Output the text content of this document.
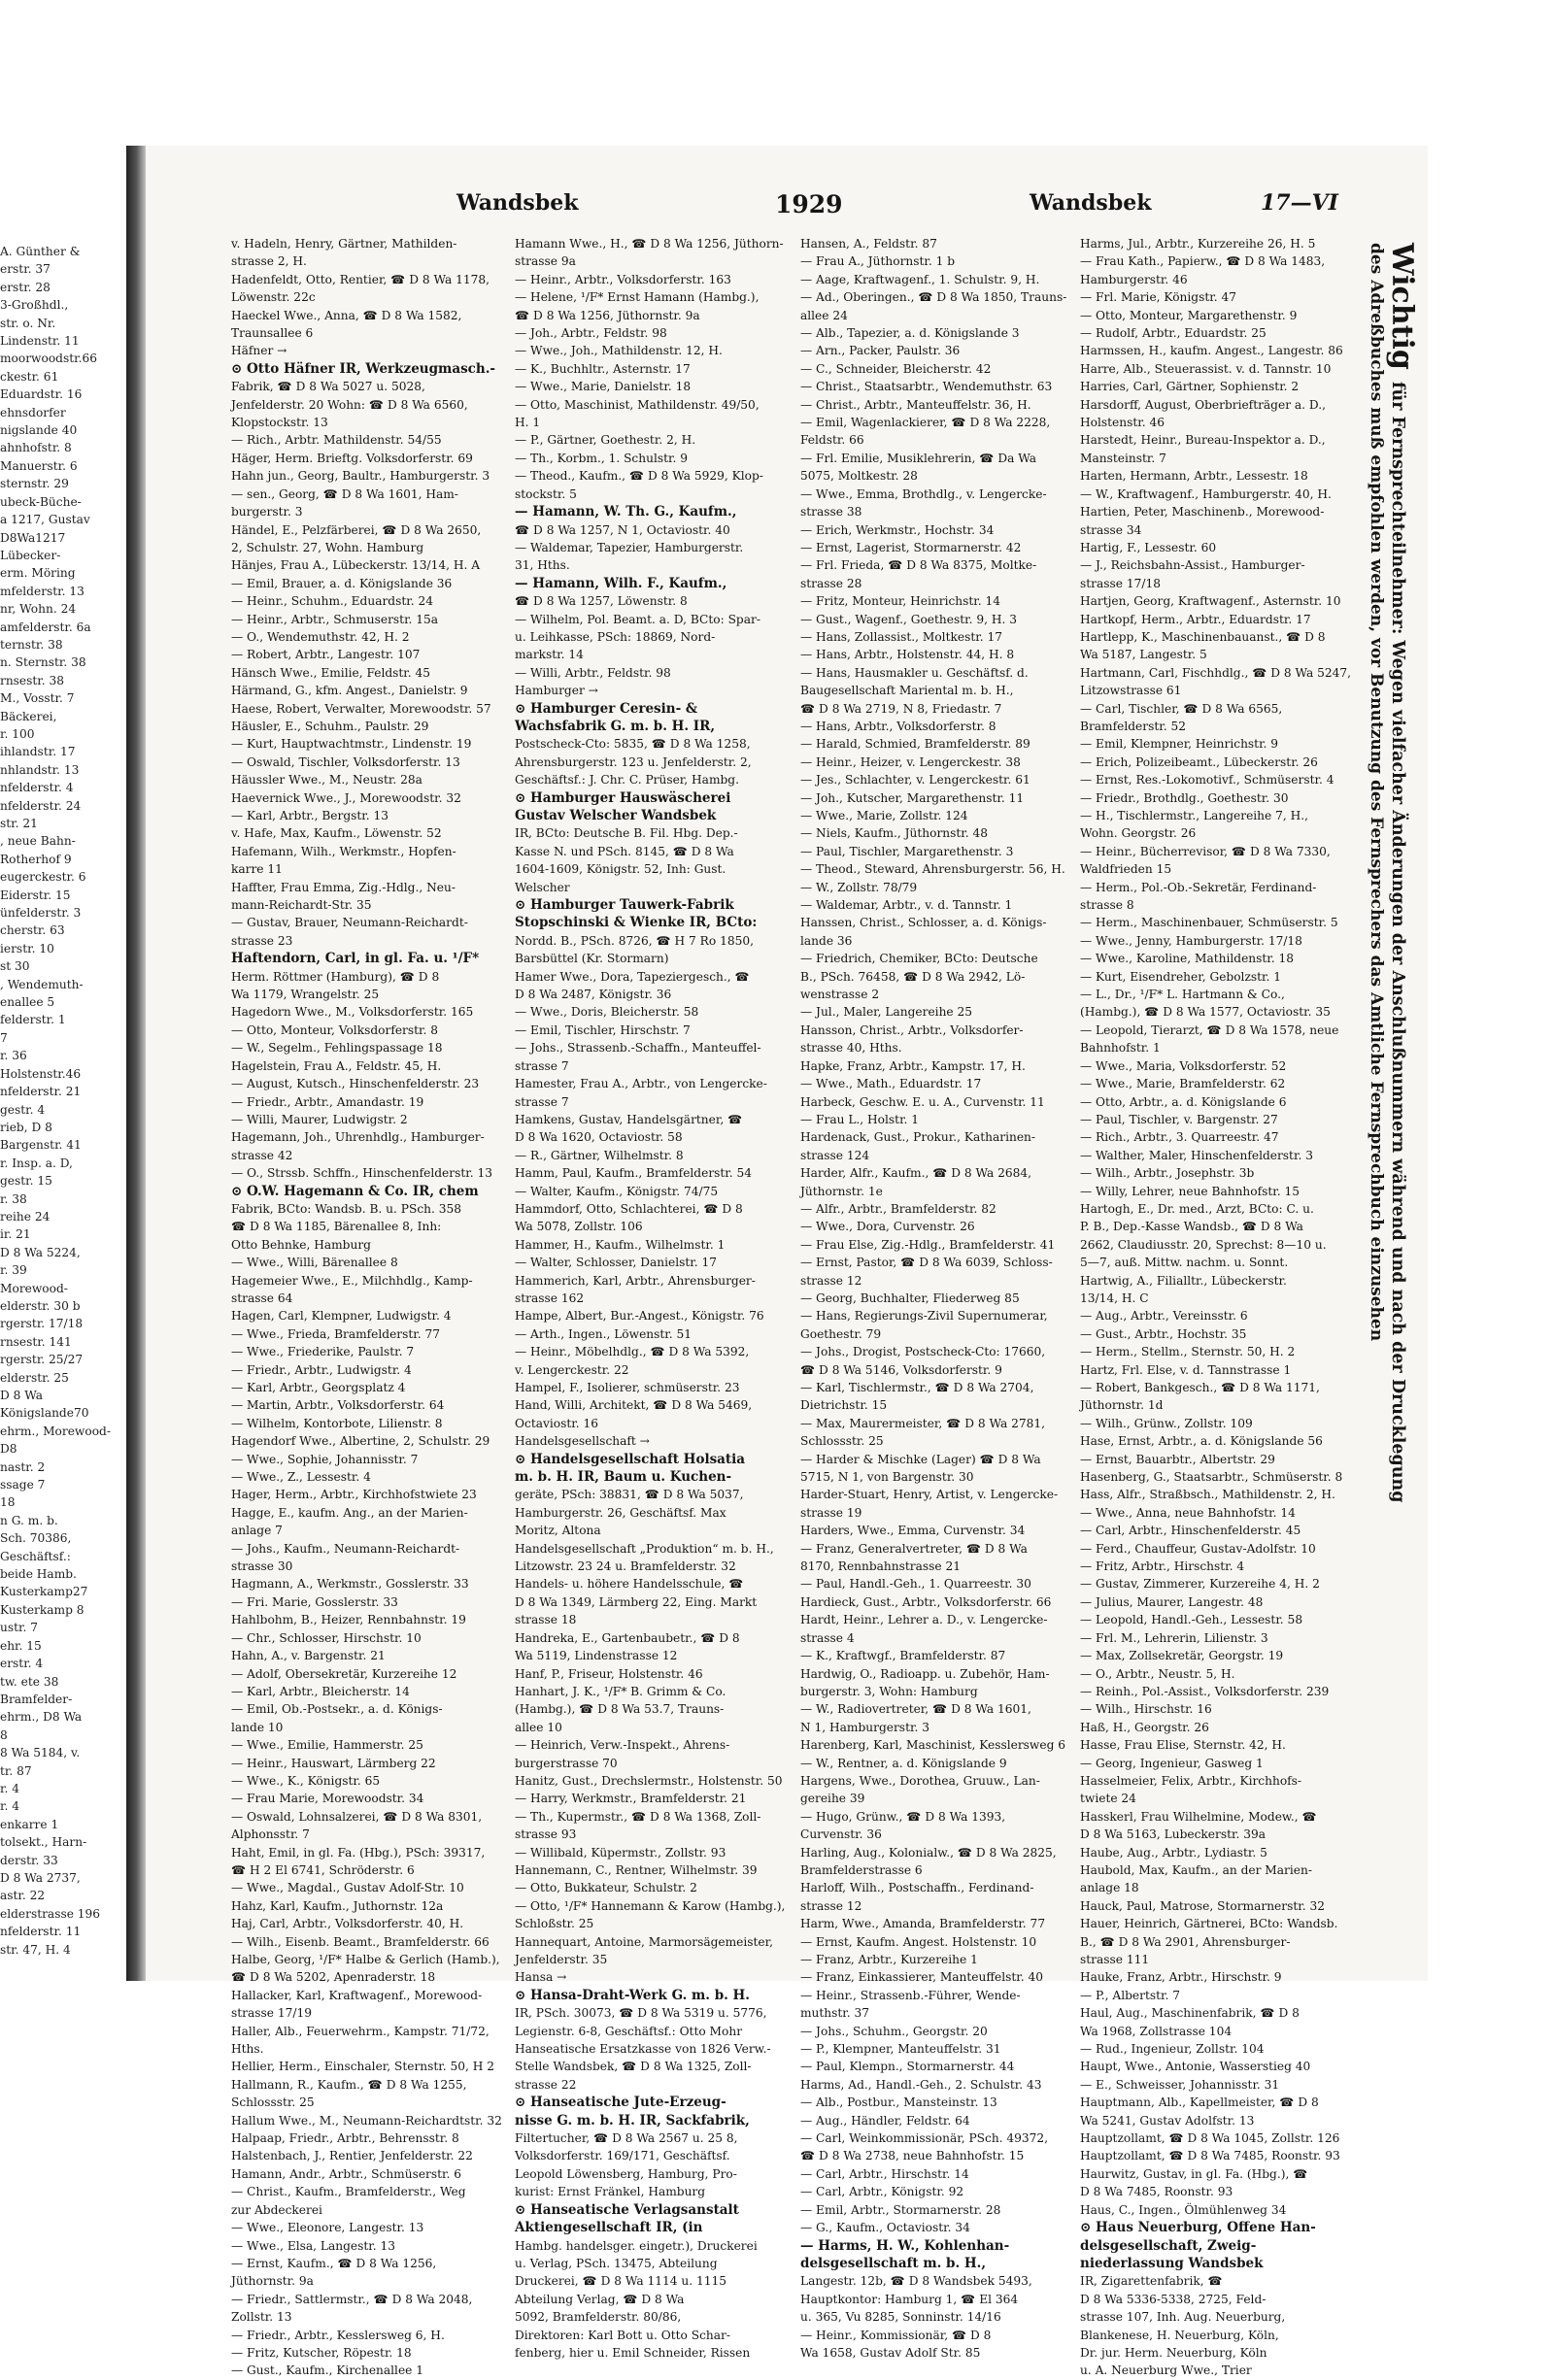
A. Günther &
erstr. 37
erstr. 28
3-Großhdl.,
str. o. Nr.
Lindenstr. 11
moorwoodstr.66
ckestr. 61
Eduardstr. 16
ehnsdorfer
nigslande 40
ahnhofstr. 8
Manuerstr. 6
sternstr. 29
ubeck-Büche-
a 1217, Gustav
D8Wa1217
Lübecker-
erm. Möring
mfelderstr. 13
nr, Wohn. 24
amfelderstr. 6a
ternstr. 38
n. Sternstr. 38
rnsestr. 38
M., Vosstr. 7
Bäckerei,
r. 100
ihlandstr. 17
nhlandstr. 13
nfelderstr. 4
nfelderstr. 24
str. 21
, neue Bahn-
Rotherhof 9
eugerckestr. 6
Eiderstr. 15
ünfelderstr. 3
cherstr. 63
ierstr. 10
st 30
, Wendemuth-
enallee 5
felderstr. 1
7
r. 36
Holstenstr.46
nfelderstr. 21
gestr. 4
rieb, D 8
Bargenstr. 41
r. Insp. a. D,
gestr. 15
r. 38
reihe 24
ir. 21
D 8 Wa 5224,
r. 39
Morewood-
elderstr. 30 b
rgerstr. 17/18
rnsestr. 141
rgerstr. 25/27
elderstr. 25
D 8 Wa
Königslande70
ehrm., Morewood-
D8
nastr. 2
ssage 7
18
n G. m. b.
Sch. 70386,
Geschäftsf.:
beide Hamb.
Kusterkamp27
Kusterkamp 8
ustr. 7
ehr. 15
erstr. 4
tw. ete 38
Bramfelder-
ehrm., D8 Wa
8
8 Wa 5184, v.
tr. 87
r. 4
r. 4
enkarre 1
tolsekt., Harn-
derstr. 33
D 8 Wa 2737,
astr. 22
elderstrasse 196
nfelderstr. 11
str. 47, H. 4
Wandsbek	1929	Wandsbek	17—VI
v. Hadeln, Henry, Gärtner, Mathilden-
strasse 2, H.
Hadenfeldt, Otto, Rentier, ☎ D 8 Wa 1178,
Löwenstr. 22c
Haeckel Wwe., Anna, ☎ D 8 Wa 1582,
Traunsallee 6
Häfner →
⊙ Otto Häfner IR, Werkzeugmasch.-
Fabrik, ☎ D 8 Wa 5027 u. 5028,
Jenfelderstr. 20 Wohn: ☎ D 8 Wa 6560,
Klopstockstr. 13
— Rich., Arbtr. Mathildenstr. 54/55
Häger, Herm. Brieftg. Volksdorferstr. 69
Hahn jun., Georg, Baultr., Hamburgerstr. 3
— sen., Georg, ☎ D 8 Wa 1601, Ham-
burgerstr. 3
Händel, E., Pelzfärberei, ☎ D 8 Wa 2650,
2, Schulstr. 27, Wohn. Hamburg
Hänjes, Frau A., Lübeckerstr. 13/14, H. A
— Emil, Brauer, a. d. Königslande 36
— Heinr., Schuhm., Eduardstr. 24
— Heinr., Arbtr., Schmuserstr. 15a
— O., Wendemuthstr. 42, H. 2
— Robert, Arbtr., Langestr. 107
Hänsch Wwe., Emilie, Feldstr. 45
Härmand, G., kfm. Angest., Danielstr. 9
Haese, Robert, Verwalter, Morewoodstr. 57
Häusler, E., Schuhm., Paulstr. 29
— Kurt, Hauptwachtmstr., Lindenstr. 19
— Oswald, Tischler, Volksdorferstr. 13
Häussler Wwe., M., Neustr. 28a
Haevernick Wwe., J., Morewoodstr. 32
— Karl, Arbtr., Bergstr. 13
v. Hafe, Max, Kaufm., Löwenstr. 52
Hafemann, Wilh., Werkmstr., Hopfen-
karre 11
Haffter, Frau Emma, Zig.-Hdlg., Neu-
mann-Reichardt-Str. 35
— Gustav, Brauer, Neumann-Reichardt-
strasse 23
Haftendorn, Carl, in gl. Fa. u. ¹/F*
Herm. Röttmer (Hamburg), ☎ D 8
Wa 1179, Wrangelstr. 25
Hagedorn Wwe., M., Volksdorferstr. 165
— Otto, Monteur, Volksdorferstr. 8
— W., Segelm., Fehlingspassage 18
Hagelstein, Frau A., Feldstr. 45, H.
— August, Kutsch., Hinschenfelderstr. 23
— Friedr., Arbtr., Amandastr. 19
— Willi, Maurer, Ludwigstr. 2
Hagemann, Joh., Uhrenhdlg., Hamburger-
strasse 42
— O., Strssb. Schffn., Hinschenfelderstr. 13
⊙ O.W. Hagemann & Co. IR, chem
Fabrik, BCto: Wandsb. B. u. PSch. 358
☎ D 8 Wa 1185, Bärenallee 8, Inh:
Otto Behnke, Hamburg
— Wwe., Willi, Bärenallee 8
Hagemeier Wwe., E., Milchhdlg., Kamp-
strasse 64
Hagen, Carl, Klempner, Ludwigstr. 4
— Wwe., Frieda, Bramfelderstr. 77
— Wwe., Friederike, Paulstr. 7
— Friedr., Arbtr., Ludwigstr. 4
— Karl, Arbtr., Georgsplatz 4
— Martin, Arbtr., Volksdorferstr. 64
— Wilhelm, Kontorbote, Lilienstr. 8
Hagendorf Wwe., Albertine, 2, Schulstr. 29
— Wwe., Sophie, Johannisstr. 7
— Wwe., Z., Lessestr. 4
Hager, Herm., Arbtr., Kirchhofstwiete 23
Hagge, E., kaufm. Ang., an der Marien-
anlage 7
— Johs., Kaufm., Neumann-Reichardt-
strasse 30
Hagmann, A., Werkmstr., Gosslerstr. 33
— Fri. Marie, Gosslerstr. 33
Hahlbohm, B., Heizer, Rennbahnstr. 19
— Chr., Schlosser, Hirschstr. 10
Hahn, A., v. Bargenstr. 21
— Adolf, Obersekretär, Kurzereihe 12
— Karl, Arbtr., Bleicherstr. 14
— Emil, Ob.-Postsekr., a. d. Königs-
lande 10
— Wwe., Emilie, Hammerstr. 25
— Heinr., Hauswart, Lärmberg 22
— Wwe., K., Königstr. 65
— Frau Marie, Morewoodstr. 34
— Oswald, Lohnsalzerei, ☎ D 8 Wa 8301,
Alphonsstr. 7
Haht, Emil, in gl. Fa. (Hbg.), PSch: 39317,
☎ H 2 El 6741, Schröderstr. 6
— Wwe., Magdal., Gustav Adolf-Str. 10
Hahz, Karl, Kaufm., Juthornstr. 12a
Haj, Carl, Arbtr., Volksdorferstr. 40, H.
— Wilh., Eisenb. Beamt., Bramfelderstr. 66
Halbe, Georg, ¹/F* Halbe & Gerlich (Hamb.),
☎ D 8 Wa 5202, Apenraderstr. 18
Hallacker, Karl, Kraftwagenf., Morewood-
strasse 17/19
Haller, Alb., Feuerwehrm., Kampstr. 71/72,
Hths.
Hellier, Herm., Einschaler, Sternstr. 50, H 2
Hallmann, R., Kaufm., ☎ D 8 Wa 1255,
Schlossstr. 25
Hallum Wwe., M., Neumann-Reichardtstr. 32
Halpaap, Friedr., Arbtr., Behrensstr. 8
Halstenbach, J., Rentier, Jenfelderstr. 22
Hamann, Andr., Arbtr., Schmüserstr. 6
— Christ., Kaufm., Bramfelderstr., Weg
zur Abdeckerei
— Wwe., Eleonore, Langestr. 13
— Wwe., Elsa, Langestr. 13
— Ernst, Kaufm., ☎ D 8 Wa 1256,
Jüthornstr. 9a
— Friedr., Sattlermstr., ☎ D 8 Wa 2048,
Zollstr. 13
— Friedr., Arbtr., Kesslersweg 6, H.
— Fritz, Kutscher, Röpestr. 18
— Gust., Kaufm., Kirchenallee 1
Hamann Wwe., H., ☎ D 8 Wa 1256, Jüthorn-
strasse 9a
— Heinr., Arbtr., Volksdorferstr. 163
— Helene, ¹/F* Ernst Hamann (Hambg.),
☎ D 8 Wa 1256, Jüthornstr. 9a
— Joh., Arbtr., Feldstr. 98
— Wwe., Joh., Mathildenstr. 12, H.
— K., Buchhltr., Asternstr. 17
— Wwe., Marie, Danielstr. 18
— Otto, Maschinist, Mathildenstr. 49/50,
H. 1
— P., Gärtner, Goethestr. 2, H.
— Th., Korbm., 1. Schulstr. 9
— Theod., Kaufm., ☎ D 8 Wa 5929, Klop-
stockstr. 5
— Hamann, W. Th. G., Kaufm.,
☎ D 8 Wa 1257, N 1, Octaviostr. 40
— Waldemar, Tapezier, Hamburgerstr.
31, Hths.
— Hamann, Wilh. F., Kaufm.,
☎ D 8 Wa 1257, Löwenstr. 8
— Wilhelm, Pol. Beamt. a. D, BCto: Spar-
u. Leihkasse, PSch: 18869, Nord-
markstr. 14
— Willi, Arbtr., Feldstr. 98
Hamburger →
⊙ Hamburger Ceresin- &
Wachsfabrik G. m. b. H. IR,
Postscheck-Cto: 5835, ☎ D 8 Wa 1258,
Ahrensburgerstr. 123 u. Jenfelderstr. 2,
Geschäftsf.: J. Chr. C. Prüser, Hambg.
⊙ Hamburger Hauswäscherei
Gustav Welscher Wandsbek
IR, BCto: Deutsche B. Fil. Hbg. Dep.-
Kasse N. und PSch. 8145, ☎ D 8 Wa
1604-1609, Königstr. 52, Inh: Gust.
Welscher
⊙ Hamburger Tauwerk-Fabrik
Stopschinski & Wienke IR, BCto:
Nordd. B., PSch. 8726, ☎ H 7 Ro 1850,
Barsbüttel (Kr. Stormarn)
Hamer Wwe., Dora, Tapeziergesch., ☎
D 8 Wa 2487, Königstr. 36
— Wwe., Doris, Bleicherstr. 58
— Emil, Tischler, Hirschstr. 7
— Johs., Strassenb.-Schaffn., Manteuffel-
strasse 7
Hamester, Frau A., Arbtr., von Lengercke-
strasse 7
Hamkens, Gustav, Handelsgärtner, ☎
D 8 Wa 1620, Octaviostr. 58
— R., Gärtner, Wilhelmstr. 8
Hamm, Paul, Kaufm., Bramfelderstr. 54
— Walter, Kaufm., Königstr. 74/75
Hammdorf, Otto, Schlachterei, ☎ D 8
Wa 5078, Zollstr. 106
Hammer, H., Kaufm., Wilhelmstr. 1
— Walter, Schlosser, Danielstr. 17
Hammerich, Karl, Arbtr., Ahrensburger-
strasse 162
Hampe, Albert, Bur.-Angest., Königstr. 76
— Arth., Ingen., Löwenstr. 51
— Heinr., Möbelhdlg., ☎ D 8 Wa 5392,
v. Lengerckestr. 22
Hampel, F., Isolierer, schmüserstr. 23
Hand, Willi, Architekt, ☎ D 8 Wa 5469,
Octaviostr. 16
Handelsgesellschaft →
⊙ Handelsgesellschaft Holsatia
m. b. H. IR, Baum u. Kuchen-
geräte, PSch: 38831, ☎ D 8 Wa 5037,
Hamburgerstr. 26, Geschäftsf. Max
Moritz, Altona
Handelsgesellschaft „Produktion“ m. b. H.,
Litzowstr. 23 24 u. Bramfelderstr. 32
Handels- u. höhere Handelsschule, ☎
D 8 Wa 1349, Lärmberg 22, Eing. Markt
strasse 18
Handreka, E., Gartenbaubetr., ☎ D 8
Wa 5119, Lindenstrasse 12
Hanf, P., Friseur, Holstenstr. 46
Hanhart, J. K., ¹/F* B. Grimm & Co.
(Hambg.), ☎ D 8 Wa 53.7, Trauns-
allee 10
— Heinrich, Verw.-Inspekt., Ahrens-
burgerstrasse 70
Hanitz, Gust., Drechslermstr., Holstenstr. 50
— Harry, Werkmstr., Bramfelderstr. 21
— Th., Kupermstr., ☎ D 8 Wa 1368, Zoll-
strasse 93
— Willibald, Küpermstr., Zollstr. 93
Hannemann, C., Rentner, Wilhelmstr. 39
— Otto, Bukkateur, Schulstr. 2
— Otto, ¹/F* Hannemann & Karow (Hambg.),
Schloßstr. 25
Hannequart, Antoine, Marmorsägemeister,
Jenfelderstr. 35
Hansa →
⊙ Hansa-Draht-Werk G. m. b. H.
IR, PSch. 30073, ☎ D 8 Wa 5319 u. 5776,
Legienstr. 6-8, Geschäftsf.: Otto Mohr
Hanseatische Ersatzkasse von 1826 Verw.-
Stelle Wandsbek, ☎ D 8 Wa 1325, Zoll-
strasse 22
⊙ Hanseatische Jute-Erzeug-
nisse G. m. b. H. IR, Sackfabrik,
Filtertucher, ☎ D 8 Wa 2567 u. 25 8,
Volksdorferstr. 169/171, Geschäftsf.
Leopold Löwensberg, Hamburg, Pro-
kurist: Ernst Fränkel, Hamburg
⊙ Hanseatische Verlagsanstalt
Aktiengesellschaft IR, (in
Hambg. handelsger. eingetr.), Druckerei
u. Verlag, PSch. 13475, Abteilung
Druckerei, ☎ D 8 Wa 1114 u. 1115
Abteilung Verlag, ☎ D 8 Wa
5092, Bramfelderstr. 80/86,
Direktoren: Karl Bott u. Otto Schar-
fenberg, hier u. Emil Schneider, Rissen
Hansen, A., Feldstr. 87
— Frau A., Jüthornstr. 1 b
— Aage, Kraftwagenf., 1. Schulstr. 9, H.
— Ad., Oberingen., ☎ D 8 Wa 1850, Trauns-
allee 24
— Alb., Tapezier, a. d. Königslande 3
— Arn., Packer, Paulstr. 36
— C., Schneider, Bleicherstr. 42
— Christ., Staatsarbtr., Wendemuthstr. 63
— Christ., Arbtr., Manteuffelstr. 36, H.
— Emil, Wagenlackierer, ☎ D 8 Wa 2228,
Feldstr. 66
— Frl. Emilie, Musiklehrerin, ☎ Da Wa
5075, Moltkestr. 28
— Wwe., Emma, Brothdlg., v. Lengercke-
strasse 38
— Erich, Werkmstr., Hochstr. 34
— Ernst, Lagerist, Stormarnerstr. 42
— Frl. Frieda, ☎ D 8 Wa 8375, Moltke-
strasse 28
— Fritz, Monteur, Heinrichstr. 14
— Gust., Wagenf., Goethestr. 9, H. 3
— Hans, Zollassist., Moltkestr. 17
— Hans, Arbtr., Holstenstr. 44, H. 8
— Hans, Hausmakler u. Geschäftsf. d.
Baugesellschaft Mariental m. b. H.,
☎ D 8 Wa 2719, N 8, Friedastr. 7
— Hans, Arbtr., Volksdorferstr. 8
— Harald, Schmied, Bramfelderstr. 89
— Heinr., Heizer, v. Lengerckestr. 38
— Jes., Schlachter, v. Lengerckestr. 61
— Joh., Kutscher, Margarethenstr. 11
— Wwe., Marie, Zollstr. 124
— Niels, Kaufm., Jüthornstr. 48
— Paul, Tischler, Margarethenstr. 3
— Theod., Steward, Ahrensburgerstr. 56, H.
— W., Zollstr. 78/79
— Waldemar, Arbtr., v. d. Tannstr. 1
Hanssen, Christ., Schlosser, a. d. Königs-
lande 36
— Friedrich, Chemiker, BCto: Deutsche
B., PSch. 76458, ☎ D 8 Wa 2942, Lö-
wenstrasse 2
— Jul., Maler, Langereihe 25
Hansson, Christ., Arbtr., Volksdorfer-
strasse 40, Hths.
Hapke, Franz, Arbtr., Kampstr. 17, H.
— Wwe., Math., Eduardstr. 17
Harbeck, Geschw. E. u. A., Curvenstr. 11
— Frau L., Holstr. 1
Hardenack, Gust., Prokur., Katharinen-
strasse 124
Harder, Alfr., Kaufm., ☎ D 8 Wa 2684,
Jüthornstr. 1e
— Alfr., Arbtr., Bramfelderstr. 82
— Wwe., Dora, Curvenstr. 26
— Frau Else, Zig.-Hdlg., Bramfelderstr. 41
— Ernst, Pastor, ☎ D 8 Wa 6039, Schloss-
strasse 12
— Georg, Buchhalter, Fliederweg 85
— Hans, Regierungs-Zivil Supernumerar,
Goethestr. 79
— Johs., Drogist, Postscheck-Cto: 17660,
☎ D 8 Wa 5146, Volksdorferstr. 9
— Karl, Tischlermstr., ☎ D 8 Wa 2704,
Dietrichstr. 15
— Max, Maurermeister, ☎ D 8 Wa 2781,
Schlossstr. 25
— Harder & Mischke (Lager) ☎ D 8 Wa
5715, N 1, von Bargenstr. 30
Harder-Stuart, Henry, Artist, v. Lengercke-
strasse 19
Harders, Wwe., Emma, Curvenstr. 34
— Franz, Generalvertreter, ☎ D 8 Wa
8170, Rennbahnstrasse 21
— Paul, Handl.-Geh., 1. Quarreestr. 30
Hardieck, Gust., Arbtr., Volksdorferstr. 66
Hardt, Heinr., Lehrer a. D., v. Lengercke-
strasse 4
— K., Kraftwgf., Bramfelderstr. 87
Hardwig, O., Radioapp. u. Zubehör, Ham-
burgerstr. 3, Wohn: Hamburg
— W., Radiovertreter, ☎ D 8 Wa 1601,
N 1, Hamburgerstr. 3
Harenberg, Karl, Maschinist, Kesslersweg 6
— W., Rentner, a. d. Königslande 9
Hargens, Wwe., Dorothea, Gruuw., Lan-
gereihe 39
— Hugo, Grünw., ☎ D 8 Wa 1393,
Curvenstr. 36
Harling, Aug., Kolonialw., ☎ D 8 Wa 2825,
Bramfelderstrasse 6
Harloff, Wilh., Postschaffn., Ferdinand-
strasse 12
Harm, Wwe., Amanda, Bramfelderstr. 77
— Ernst, Kaufm. Angest. Holstenstr. 10
— Franz, Arbtr., Kurzereihe 1
— Franz, Einkassierer, Manteuffelstr. 40
— Heinr., Strassenb.-Führer, Wende-
muthstr. 37
— Johs., Schuhm., Georgstr. 20
— P., Klempner, Manteuffelstr. 31
— Paul, Klempn., Stormarnerstr. 44
Harms, Ad., Handl.-Geh., 2. Schulstr. 43
— Alb., Postbur., Mansteinstr. 13
— Aug., Händler, Feldstr. 64
— Carl, Weinkommissionär, PSch. 49372,
☎ D 8 Wa 2738, neue Bahnhofstr. 15
— Carl, Arbtr., Hirschstr. 14
— Carl, Arbtr., Königstr. 92
— Emil, Arbtr., Stormarnerstr. 28
— G., Kaufm., Octaviostr. 34
— Harms, H. W., Kohlenhan-
delsgesellschaft m. b. H.,
Langestr. 12b, ☎ D 8 Wandsbek 5493,
Hauptkontor: Hamburg 1, ☎ El 364
u. 365, Vu 8285, Sonninstr. 14/16
— Heinr., Kommissionär, ☎ D 8
Wa 1658, Gustav Adolf Str. 85
Harms, Jul., Arbtr., Kurzereihe 26, H. 5
— Frau Kath., Papierw., ☎ D 8 Wa 1483,
Hamburgerstr. 46
— Frl. Marie, Königstr. 47
— Otto, Monteur, Margarethenstr. 9
— Rudolf, Arbtr., Eduardstr. 25
Harmssen, H., kaufm. Angest., Langestr. 86
Harre, Alb., Steuerassist. v. d. Tannstr. 10
Harries, Carl, Gärtner, Sophienstr. 2
Harsdorff, August, Oberbriefträger a. D.,
Holstenstr. 46
Harstedt, Heinr., Bureau-Inspektor a. D.,
Mansteinstr. 7
Harten, Hermann, Arbtr., Lessestr. 18
— W., Kraftwagenf., Hamburgerstr. 40, H.
Hartien, Peter, Maschinenb., Morewood-
strasse 34
Hartig, F., Lessestr. 60
— J., Reichsbahn-Assist., Hamburger-
strasse 17/18
Hartjen, Georg, Kraftwagenf., Asternstr. 10
Hartkopf, Herm., Arbtr., Eduardstr. 17
Hartlepp, K., Maschinenbauanst., ☎ D 8
Wa 5187, Langestr. 5
Hartmann, Carl, Fischhdlg., ☎ D 8 Wa 5247,
Litzowstrasse 61
— Carl, Tischler, ☎ D 8 Wa 6565,
Bramfelderstr. 52
— Emil, Klempner, Heinrichstr. 9
— Erich, Polizeibeamt., Lübeckerstr. 26
— Ernst, Res.-Lokomotivf., Schmüserstr. 4
— Friedr., Brothdlg., Goethestr. 30
— H., Tischlermstr., Langereihe 7, H.,
Wohn. Georgstr. 26
— Heinr., Bücherrevisor, ☎ D 8 Wa 7330,
Waldfrieden 15
— Herm., Pol.-Ob.-Sekretär, Ferdinand-
strasse 8
— Herm., Maschinenbauer, Schmüserstr. 5
— Wwe., Jenny, Hamburgerstr. 17/18
— Wwe., Karoline, Mathildenstr. 18
— Kurt, Eisendreher, Gebolzstr. 1
— L., Dr., ¹/F* L. Hartmann & Co.,
(Hambg.), ☎ D 8 Wa 1577, Octaviostr. 35
— Leopold, Tierarzt, ☎ D 8 Wa 1578, neue
Bahnhofstr. 1
— Wwe., Maria, Volksdorferstr. 52
— Wwe., Marie, Bramfelderstr. 62
— Otto, Arbtr., a. d. Königslande 6
— Paul, Tischler, v. Bargenstr. 27
— Rich., Arbtr., 3. Quarreestr. 47
— Walther, Maler, Hinschenfelderstr. 3
— Wilh., Arbtr., Josephstr. 3b
— Willy, Lehrer, neue Bahnhofstr. 15
Hartogh, E., Dr. med., Arzt, BCto: C. u.
P. B., Dep.-Kasse Wandsb., ☎ D 8 Wa
2662, Claudiusstr. 20, Sprechst: 8—10 u.
5—7, auß. Mittw. nachm. u. Sonnt.
Hartwig, A., Filialltr., Lübeckerstr.
13/14, H. C
— Aug., Arbtr., Vereinsstr. 6
— Gust., Arbtr., Hochstr. 35
— Herm., Stellm., Sternstr. 50, H. 2
Hartz, Frl. Else, v. d. Tannstrasse 1
— Robert, Bankgesch., ☎ D 8 Wa 1171,
Jüthornstr. 1d
— Wilh., Grünw., Zollstr. 109
Hase, Ernst, Arbtr., a. d. Königslande 56
— Ernst, Bauarbtr., Albertstr. 29
Hasenberg, G., Staatsarbtr., Schmüserstr. 8
Hass, Alfr., Straßbsch., Mathildenstr. 2, H.
— Wwe., Anna, neue Bahnhofstr. 14
— Carl, Arbtr., Hinschenfelderstr. 45
— Ferd., Chauffeur, Gustav-Adolfstr. 10
— Fritz, Arbtr., Hirschstr. 4
— Gustav, Zimmerer, Kurzereihe 4, H. 2
— Julius, Maurer, Langestr. 48
— Leopold, Handl.-Geh., Lessestr. 58
— Frl. M., Lehrerin, Lilienstr. 3
— Max, Zollsekretär, Georgstr. 19
— O., Arbtr., Neustr. 5, H.
— Reinh., Pol.-Assist., Volksdorferstr. 239
— Wilh., Hirschstr. 16
Haß, H., Georgstr. 26
Hasse, Frau Elise, Sternstr. 42, H.
— Georg, Ingenieur, Gasweg 1
Hasselmeier, Felix, Arbtr., Kirchhofs-
twiete 24
Hasskerl, Frau Wilhelmine, Modew., ☎
D 8 Wa 5163, Lubeckerstr. 39a
Haube, Aug., Arbtr., Lydiastr. 5
Haubold, Max, Kaufm., an der Marien-
anlage 18
Hauck, Paul, Matrose, Stormarnerstr. 32
Hauer, Heinrich, Gärtnerei, BCto: Wandsb.
B., ☎ D 8 Wa 2901, Ahrensburger-
strasse 111
Hauke, Franz, Arbtr., Hirschstr. 9
— P., Albertstr. 7
Haul, Aug., Maschinenfabrik, ☎ D 8
Wa 1968, Zollstrasse 104
— Rud., Ingenieur, Zollstr. 104
Haupt, Wwe., Antonie, Wasserstieg 40
— E., Schweisser, Johannisstr. 31
Hauptmann, Alb., Kapellmeister, ☎ D 8
Wa 5241, Gustav Adolfstr. 13
Hauptzollamt, ☎ D 8 Wa 1045, Zollstr. 126
Hauptzollamt, ☎ D 8 Wa 7485, Roonstr. 93
Haurwitz, Gustav, in gl. Fa. (Hbg.), ☎
D 8 Wa 7485, Roonstr. 93
Haus, C., Ingen., Ölmühlenweg 34
⊙ Haus Neuerburg, Offene Han-
delsgesellschaft, Zweig-
niederlassung Wandsbek
IR, Zigarettenfabrik, ☎
D 8 Wa 5336-5338, 2725, Feld-
strasse 107, Inh. Aug. Neuerburg,
Blankenese, H. Neuerburg, Köln,
Dr. jur. Herm. Neuerburg, Köln
u. A. Neuerburg Wwe., Trier
Wichtig für Fernsprechteilnehmer: Wegen vielfacher Änderungen der Anschlußnummern während und nach der Drucklegung
des Adreßbuches muß empfohlen werden, vor Benutzung des Fernsprechers das Amtliche Fernsprechbuch einzusehen
